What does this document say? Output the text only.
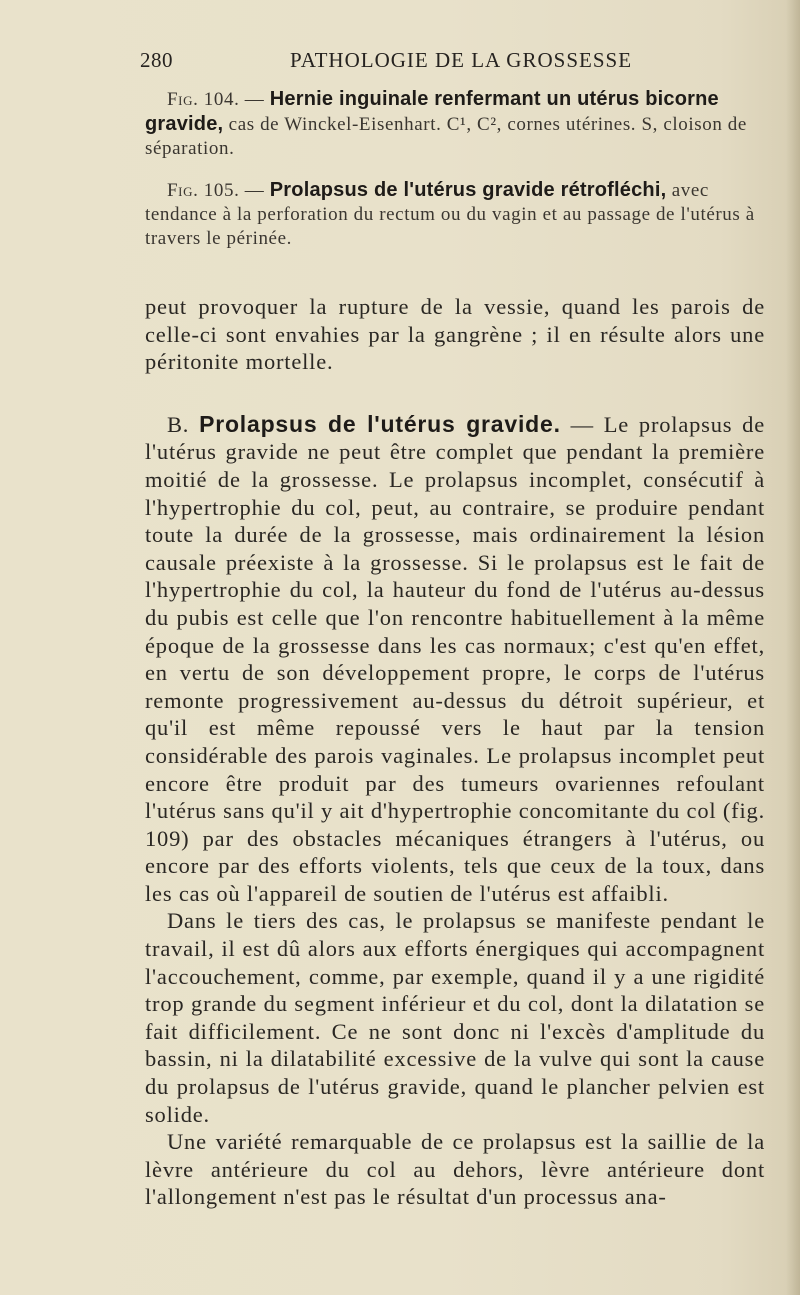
280	PATHOLOGIE DE LA GROSSESSE

Fig. 104. — Hernie inguinale renfermant un utérus bicorne gravide, cas de Winckel-Eisenhart. C¹, C², cornes utérines. S, cloison de séparation.

Fig. 105. — Prolapsus de l'utérus gravide rétrofléchi, avec tendance à la perforation du rectum ou du vagin et au passage de l'utérus à travers le périnée.

peut provoquer la rupture de la vessie, quand les parois de celle-ci sont envahies par la gangrène ; il en résulte alors une péritonite mortelle.

B. Prolapsus de l'utérus gravide. — Le prolapsus de l'utérus gravide ne peut être complet que pendant la première moitié de la grossesse. Le prolapsus incomplet, consécutif à l'hypertrophie du col, peut, au contraire, se produire pendant toute la durée de la grossesse, mais ordinairement la lésion causale préexiste à la grossesse. Si le prolapsus est le fait de l'hypertrophie du col, la hauteur du fond de l'utérus au-dessus du pubis est celle que l'on rencontre habituellement à la même époque de la grossesse dans les cas normaux; c'est qu'en effet, en vertu de son développement propre, le corps de l'utérus remonte progressivement au-dessus du détroit supérieur, et qu'il est même repoussé vers le haut par la tension considérable des parois vaginales. Le prolapsus incomplet peut encore être produit par des tumeurs ovariennes refoulant l'utérus sans qu'il y ait d'hypertrophie concomitante du col (fig. 109) par des obstacles mécaniques étrangers à l'utérus, ou encore par des efforts violents, tels que ceux de la toux, dans les cas où l'appareil de soutien de l'utérus est affaibli.

Dans le tiers des cas, le prolapsus se manifeste pendant le travail, il est dû alors aux efforts énergiques qui accompagnent l'accouchement, comme, par exemple, quand il y a une rigidité trop grande du segment inférieur et du col, dont la dilatation se fait difficilement. Ce ne sont donc ni l'excès d'amplitude du bassin, ni la dilatabilité excessive de la vulve qui sont la cause du prolapsus de l'utérus gravide, quand le plancher pelvien est solide.

Une variété remarquable de ce prolapsus est la saillie de la lèvre antérieure du col au dehors, lèvre antérieure dont l'allongement n'est pas le résultat d'un processus ana-
